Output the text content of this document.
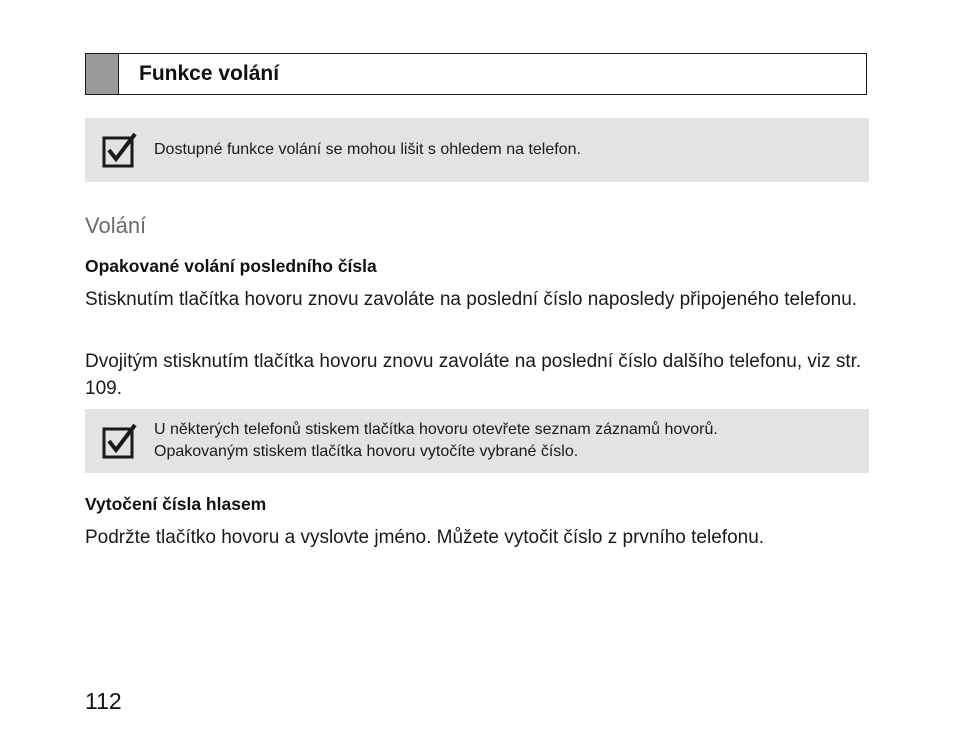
Funkce volání
Dostupné funkce volání se mohou lišit s ohledem na telefon.
Volání
Opakované volání posledního čísla
Stisknutím tlačítka hovoru znovu zavoláte na poslední číslo naposledy připojeného telefonu.
Dvojitým stisknutím tlačítka hovoru znovu zavoláte na poslední číslo dalšího telefonu, viz str. 109.
U některých telefonů stiskem tlačítka hovoru otevřete seznam záznamů hovorů.
Opakovaným stiskem tlačítka hovoru vytočíte vybrané číslo.
Vytočení čísla hlasem
Podržte tlačítko hovoru a vyslovte jméno. Můžete vytočit číslo z prvního telefonu.
112
